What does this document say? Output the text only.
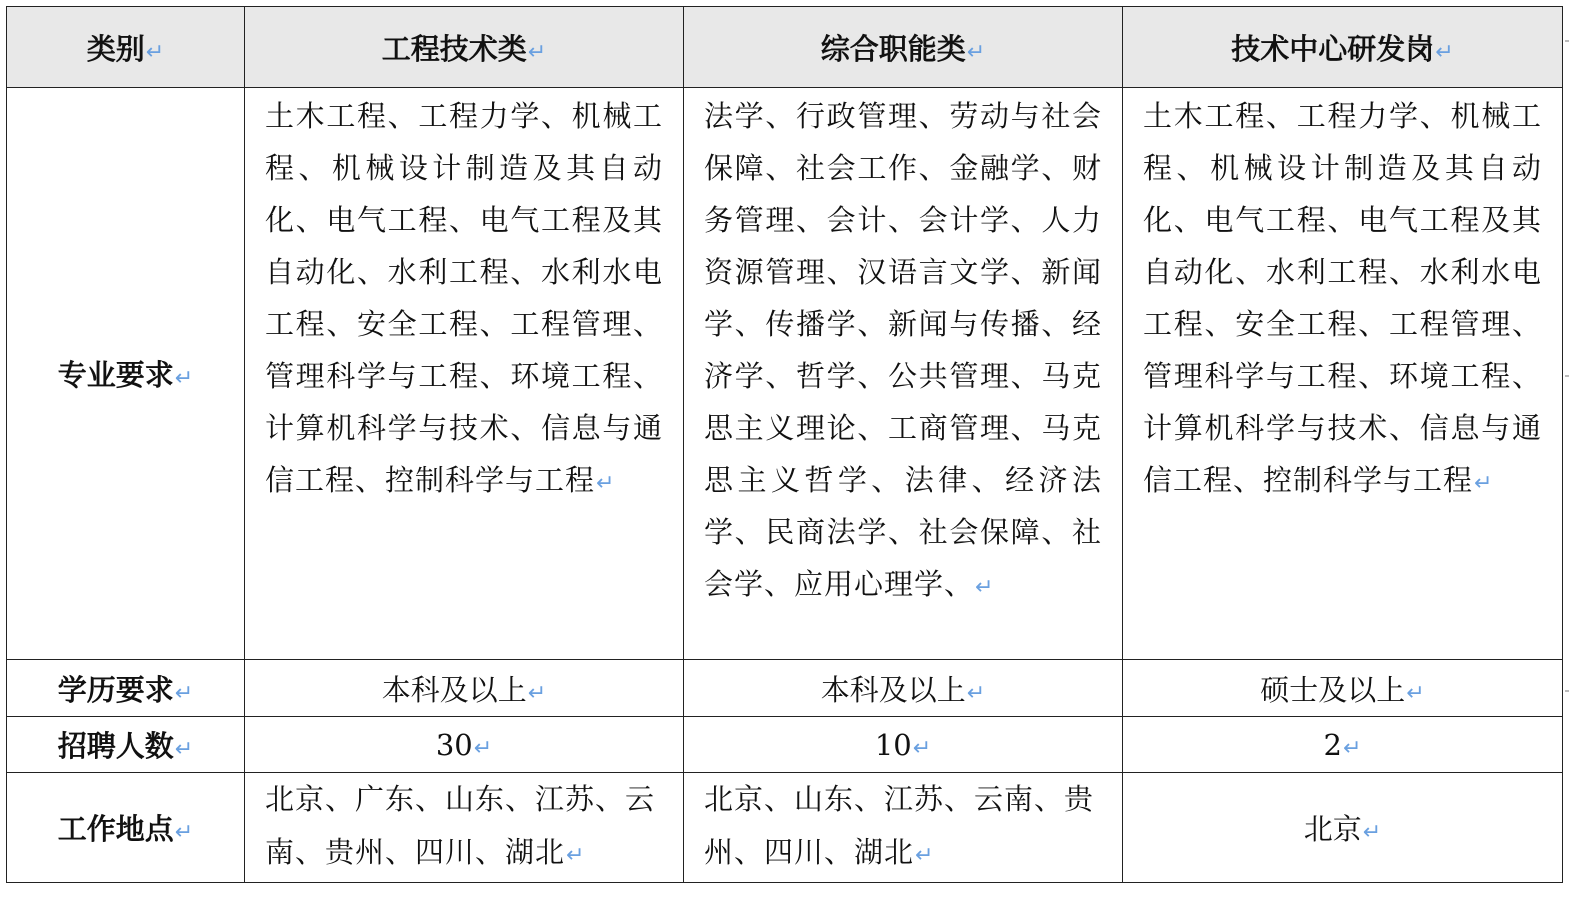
类别↵	工程技术类↵	综合职能类↵	技术中心研发岗↵
专业要求↵	土木工程、工程力学、机械工程、机械设计制造及其自动化、电气工程、电气工程及其自动化、水利工程、水利水电工程、安全工程、工程管理、管理科学与工程、环境工程、计算机科学与技术、信息与通信工程、控制科学与工程↵	法学、行政管理、劳动与社会保障、社会工作、金融学、财务管理、会计、会计学、人力资源管理、汉语言文学、新闻学、传播学、新闻与传播、经济学、哲学、公共管理、马克思主义理论、工商管理、马克思主义哲学、法律、经济法学、民商法学、社会保障、社会学、应用心理学、↵	土木工程、工程力学、机械工程、机械设计制造及其自动化、电气工程、电气工程及其自动化、水利工程、水利水电工程、安全工程、工程管理、管理科学与工程、环境工程、计算机科学与技术、信息与通信工程、控制科学与工程↵
学历要求↵	本科及以上↵	本科及以上↵	硕士及以上↵
招聘人数↵	30↵	10↵	2↵
工作地点↵	北京、广东、山东、江苏、云南、贵州、四川、湖北↵	北京、山东、江苏、云南、贵州、四川、湖北↵	北京↵
